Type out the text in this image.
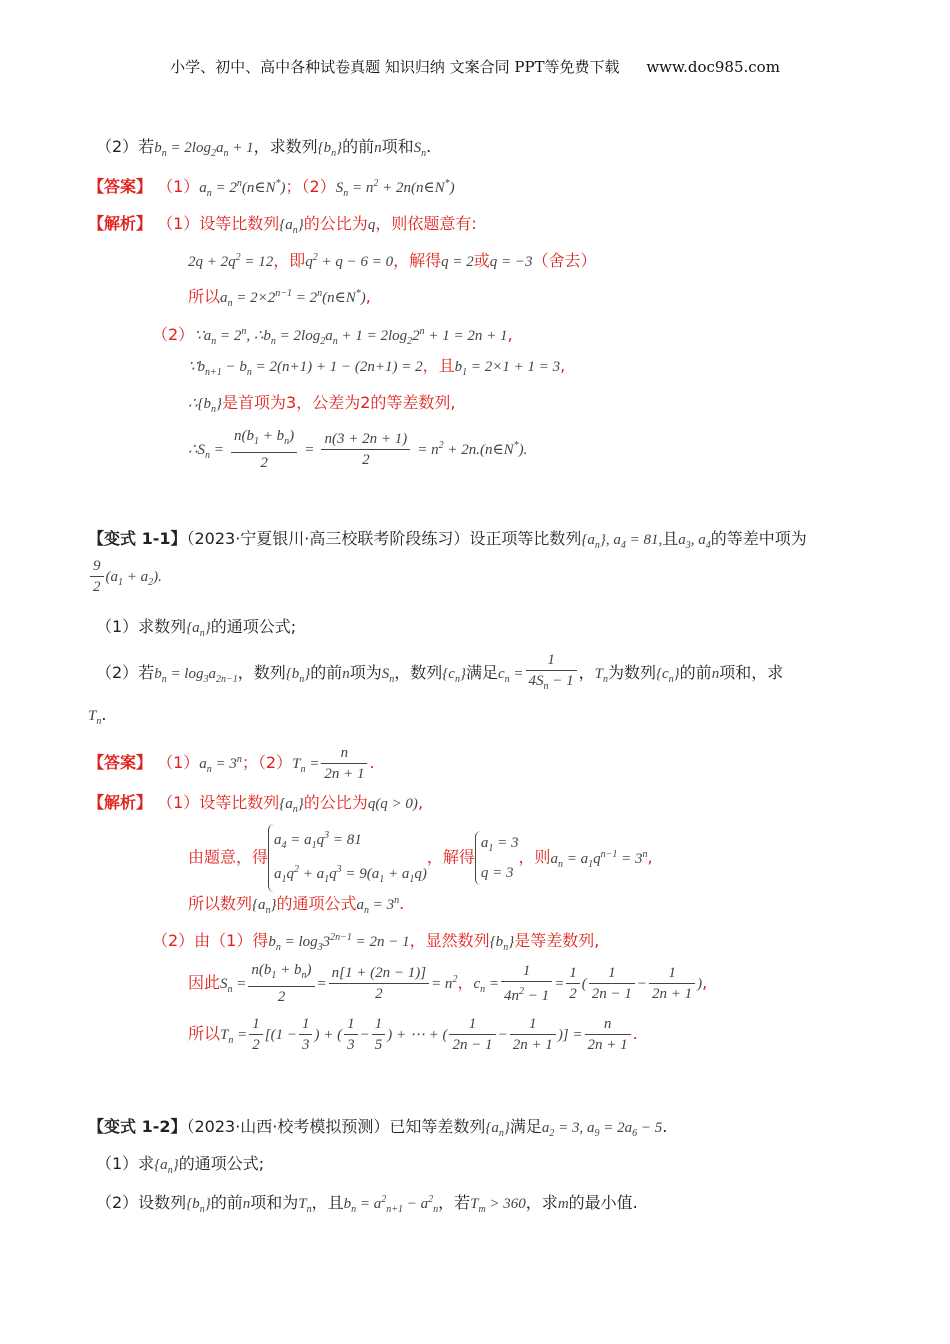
小学、初中、高中各种试卷真题 知识归纳 文案合同 PPT等免费下载 www.doc985.com
（2）若$b_n = 2\log_2a_n + 1$，求数列$\{b_n\}$的前n项和$S_n$.
【答案】 $(1)a_n$ = $2^n(n\in N^*)$；$(2)S_n = n^2$ + 2n(n∈N*)
【解析】 （1）设等比数列$\{a_n\}$的公比为q，则依题意有:
$2q + 2q^2 = 12$，即$q^2 + q - 6 = 0$，解得q = 2或q = −3（舍去）
所以$a_n = 2\times 2^{n-1}$ = $2^n(n\in N^*)$,
$(2)\because a_n = 2^n$, $\therefore b_n = 2\log_2a_n + 1 = 2\log_22^n + 1 = 2n + 1$,
$\because b_{n+1} - b_n = 2(n+1) + 1 - (2n+1) = 2$，且$b_1 = 2\times 1 + 1 = 3$,
$\therefore\{b_n\}$是首项为3，公差为2的等差数列,
$\therefore S_n = \frac{n(b_1 + b_n)}{2} = \frac{n(3 + 2n + 1)}{2} = n^2$ + 2n.(n∈N*).
【变式 1-1】（2023·宁夏银川·高三校联考阶段练习）设正项等比数列$\{a_n\}$, $a_4 = 81$,且$a_3$, $a_4$的等差中项为
$\frac{9}{2} (a_1 + a_2)$.
（1）求数列$\{a_n\}$的通项公式;
（2）若$b_n = \log_3a_{2n-1}$，数列$\{b_n\}$的前n项为$S_n$，数列$\{c_n\}$满足$c_n = \frac{1}{4S_n - 1}$ ，$T_n$为数列$\{c_n\}$的前n项和，求
$T_n$.
【答案】 $(1)a_n = 3^n$；$(2)T_n = \frac{n}{2n + 1}$ .
【解析】 （1）设等比数列$\{a_n\}$的公比为q(q > 0),
由题意，得
$a_4 = a_1q^3 = 81$
$a_1q^2 + a_1q^3 = 9(a_1 + a_1q)$
，解得
$a_1 = 3$
q = 3
，则$a_n = a_1q^{n-1} = 3^n$,
所以数列$\{a_n\}$的通项公式$a_n = 3^n$.
（2）由（1）得$b_n = \log_33^{2n-1} = 2n - 1$，显然数列$\{b_n\}$是等差数列,
因此$S_n = \frac{n(b_1 + b_n)}{2} = \frac{n[1 + (2n - 1)]}{2} = n^2$，$c_n = \frac{1}{4n^2 - 1} = \frac{1}{2}$ ( $\frac{1}{2n - 1} - \frac{1}{2n + 1}$ ),
所以$T_n = \frac{1}{2} [(1 - \frac{1}{3}$ ) + ( $\frac{1}{3} - \frac{1}{5}$ ) + ⋯ + ( $\frac{1}{2n - 1} - \frac{1}{2n + 1}$ )] = $\frac{n}{2n + 1}$ .
【变式 1-2】（2023·山西·校考模拟预测）已知等差数列$\{a_n\}$满足$a_2 = 3$, $a_9 = 2a_6 - 5$.
（1）求$\{a_n\}$的通项公式;
（2）设数列$\{b_n\}$的前n项和为$T_n$，且$b_n = a^2_{n+1} - a^2_n$，若$T_m > 360$，求m的最小值.
